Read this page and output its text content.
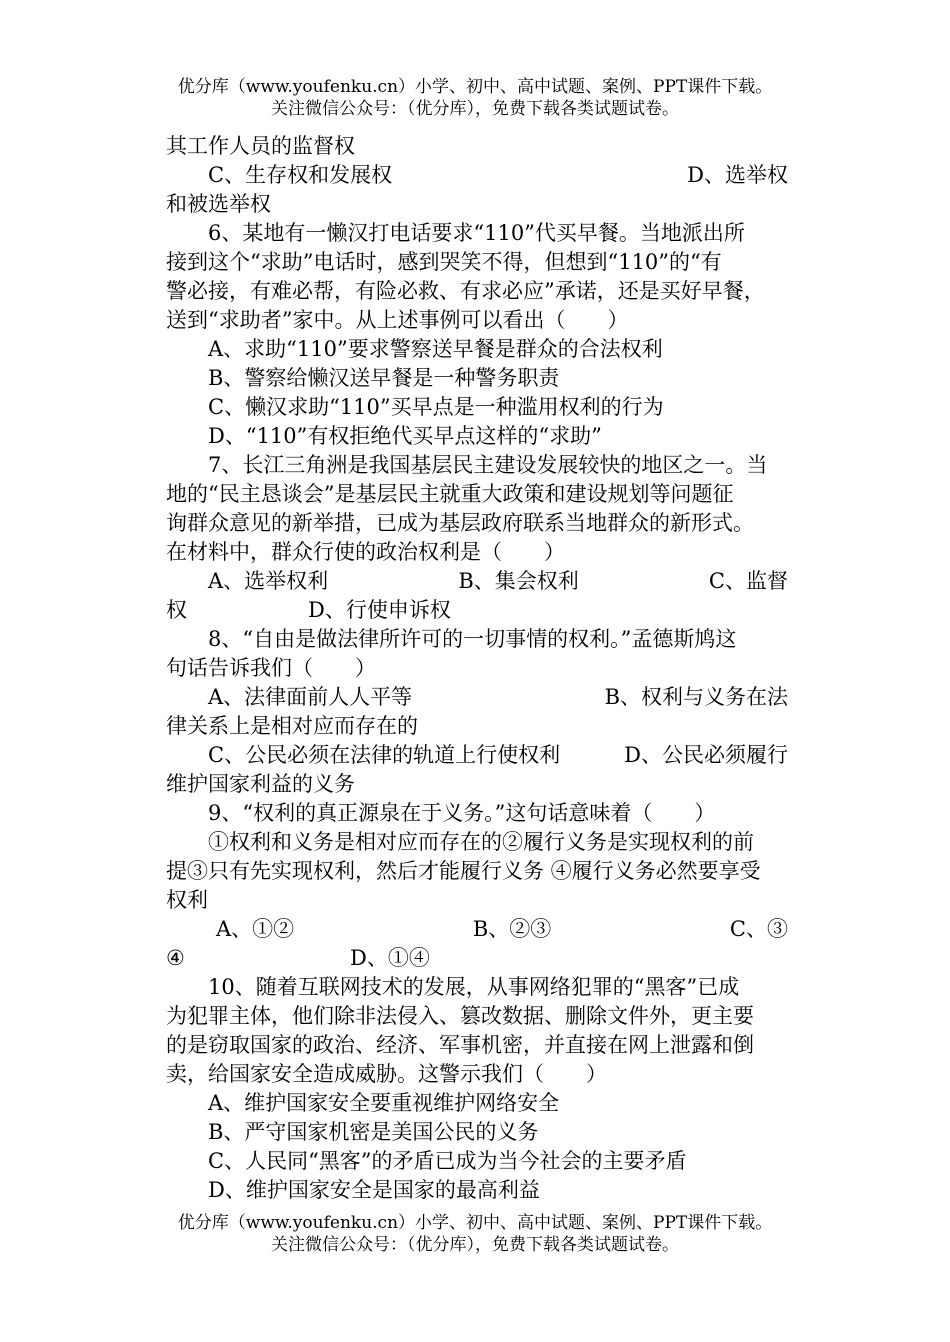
优分库（www.youfenku.cn）小学、初中、高中试题、案例、PPT课件下载。
关注微信公众号：（优分库），免费下载各类试题试卷。
其工作人员的监督权
C、生存权和发展权	D、选举权
和被选举权
6、某地有一懒汉打电话要求“110”代买早餐。当地派出所
接到这个“求助”电话时，感到哭笑不得，但想到“110”的“有
警必接，有难必帮，有险必救、有求必应”承诺，还是买好早餐，
送到“求助者”家中。从上述事例可以看出（　　）
A、求助“110”要求警察送早餐是群众的合法权利
B、警察给懒汉送早餐是一种警务职责
C、懒汉求助“110”买早点是一种滥用权利的行为
D、“110”有权拒绝代买早点这样的“求助”
7、长江三角洲是我国基层民主建设发展较快的地区之一。当
地的“民主恳谈会”是基层民主就重大政策和建设规划等问题征
询群众意见的新举措，已成为基层政府联系当地群众的新形式。
在材料中，群众行使的政治权利是（　　）
A、选举权利	B、集会权利	C、监督
权	D、行使申诉权
8、“自由是做法律所许可的一切事情的权利。”孟德斯鸠这
句话告诉我们（　　）
A、法律面前人人平等	B、权利与义务在法
律关系上是相对应而存在的
C、公民必须在法律的轨道上行使权利	D、公民必须履行
维护国家利益的义务
9、“权利的真正源泉在于义务。”这句话意味着（　　）
①权利和义务是相对应而存在的②履行义务是实现权利的前
提③只有先实现权利，然后才能履行义务 ④履行义务必然要享受
权利
A、①②	B、②③	C、③
④	D、①④
10、随着互联网技术的发展，从事网络犯罪的“黑客”已成
为犯罪主体，他们除非法侵入、篡改数据、删除文件外，更主要
的是窃取国家的政治、经济、军事机密，并直接在网上泄露和倒
卖，给国家安全造成威胁。这警示我们（　　）
A、维护国家安全要重视维护网络安全
B、严守国家机密是美国公民的义务
C、人民同“黑客”的矛盾已成为当今社会的主要矛盾
D、维护国家安全是国家的最高利益
优分库（www.youfenku.cn）小学、初中、高中试题、案例、PPT课件下载。
关注微信公众号：（优分库），免费下载各类试题试卷。
